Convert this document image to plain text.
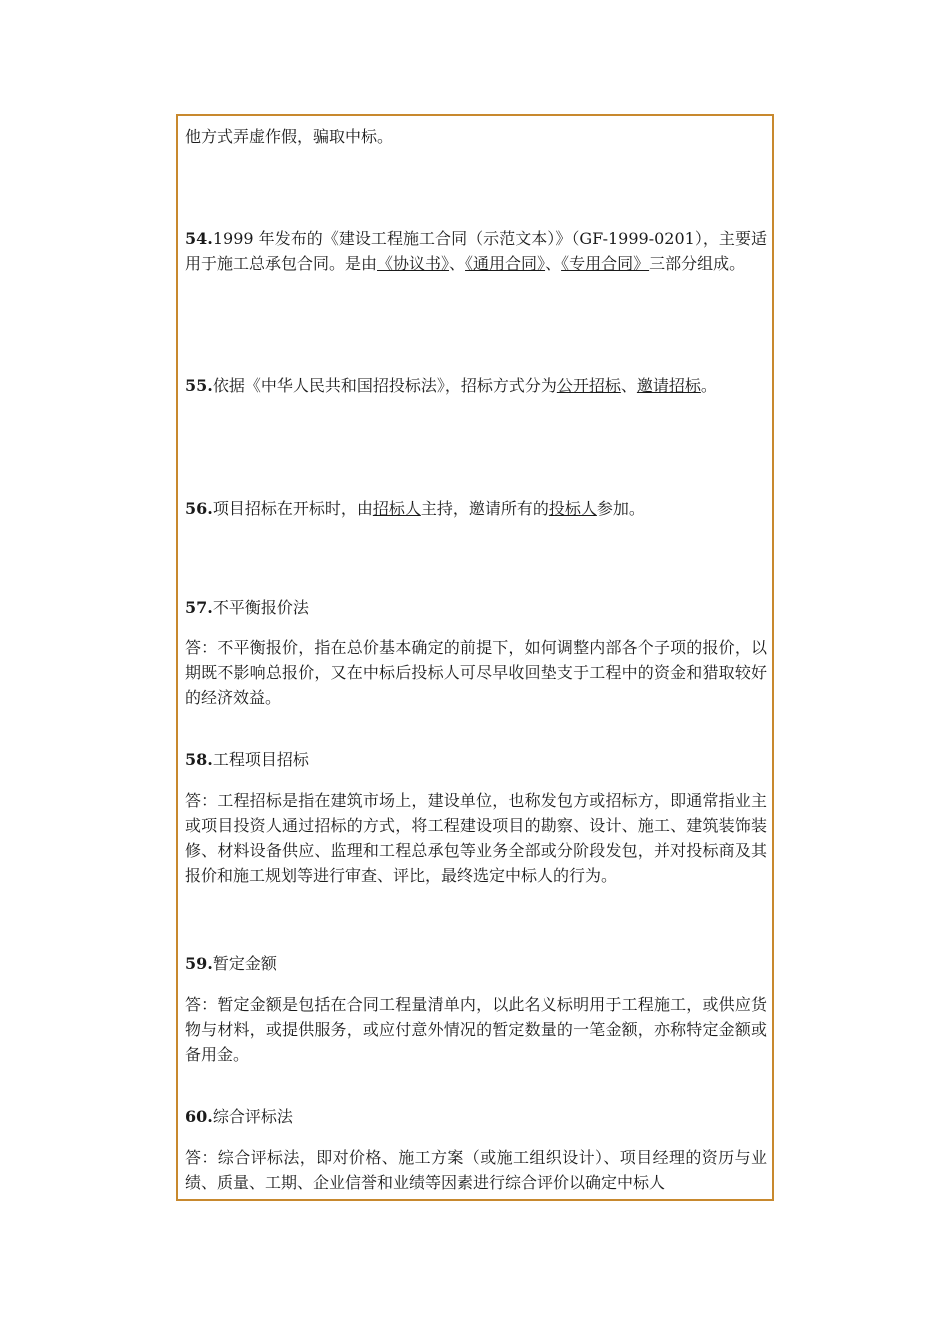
他方式弄虚作假，骗取中标。

54.1999 年发布的《建设工程施工合同（示范文本）》（GF-1999-0201），主要适用于施工总承包合同。是由《协议书》、《通用合同》、《专用合同》三部分组成。

55.依据《中华人民共和国招投标法》，招标方式分为公开招标、邀请招标。

56.项目招标在开标时，由招标人主持，邀请所有的投标人参加。

57.不平衡报价法

答：不平衡报价，指在总价基本确定的前提下，如何调整内部各个子项的报价，以期既不影响总报价，又在中标后投标人可尽早收回垫支于工程中的资金和猎取较好的经济效益。

58.工程项目招标

答：工程招标是指在建筑市场上，建设单位，也称发包方或招标方，即通常指业主或项目投资人通过招标的方式，将工程建设项目的勘察、设计、施工、建筑装饰装修、材料设备供应、监理和工程总承包等业务全部或分阶段发包，并对投标商及其报价和施工规划等进行审查、评比，最终选定中标人的行为。

59.暂定金额

答：暂定金额是包括在合同工程量清单内，以此名义标明用于工程施工，或供应货物与材料，或提供服务，或应付意外情况的暂定数量的一笔金额，亦称特定金额或备用金。

60.综合评标法

答：综合评标法，即对价格、施工方案（或施工组织设计）、项目经理的资历与业绩、质量、工期、企业信誉和业绩等因素进行综合评价以确定中标人
